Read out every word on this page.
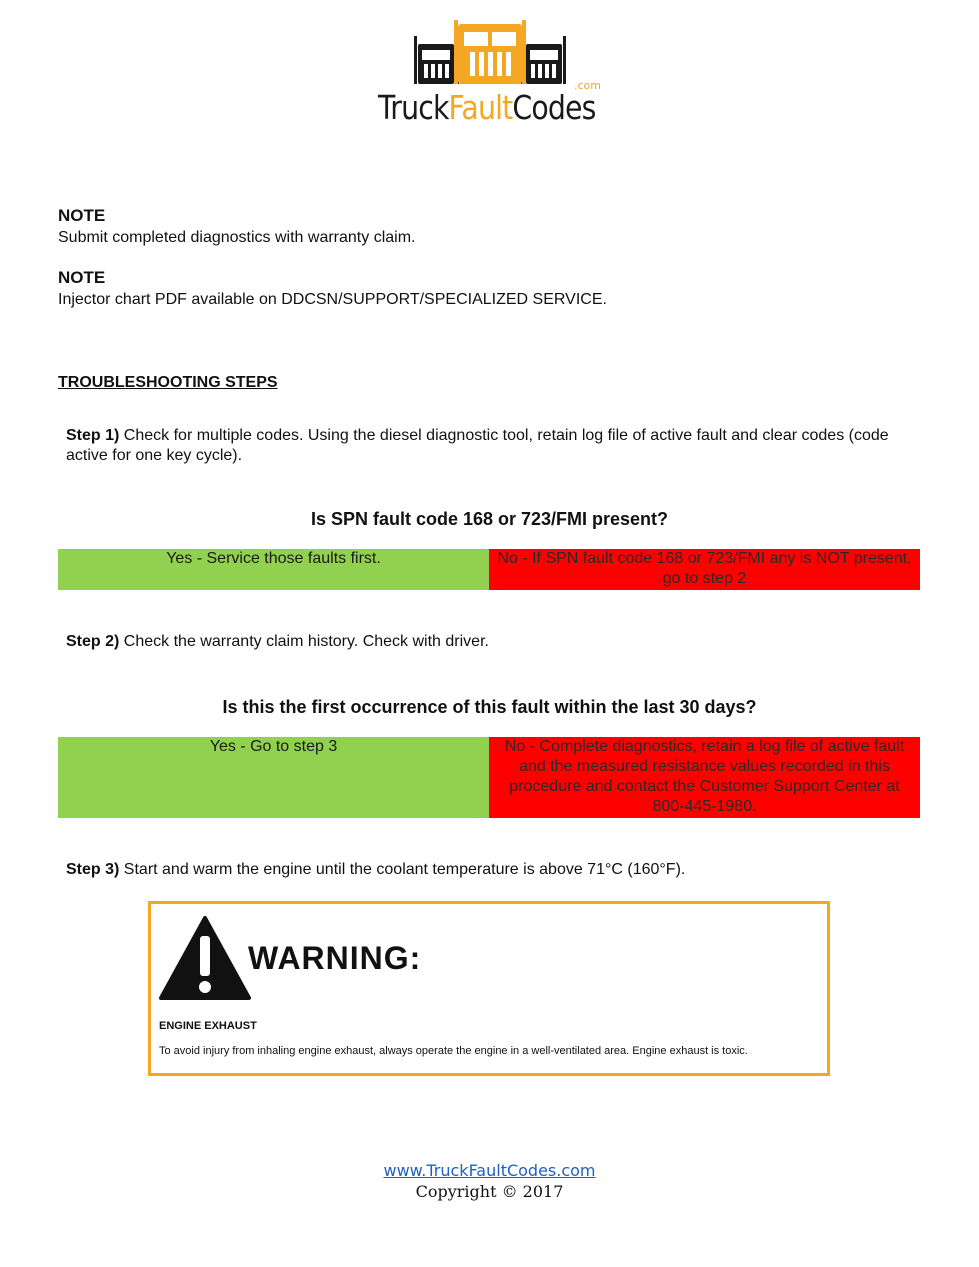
TruckFaultCodes
.com
NOTE
Submit completed diagnostics with warranty claim.
NOTE
Injector chart PDF available on DDCSN/SUPPORT/SPECIALIZED SERVICE.
TROUBLESHOOTING STEPS
Step 1) Check for multiple codes. Using the diesel diagnostic tool, retain log file of active fault and clear codes (code active for one key cycle).
Is SPN fault code 168 or 723/FMI present?
Yes - Service those faults first.	No - If SPN fault code 168 or 723/FMI any is NOT present, go to step 2
Step 2) Check the warranty claim history. Check with driver.
Is this the first occurrence of this fault within the last 30 days?
Yes - Go to step 3	No - Complete diagnostics, retain a log file of active fault and the measured resistance values recorded in this procedure and contact the Customer Support Center at 800-445-1980.
Step 3) Start and warm the engine until the coolant temperature is above 71°C (160°F).
WARNING:
ENGINE EXHAUST
To avoid injury from inhaling engine exhaust, always operate the engine in a well-ventilated area. Engine exhaust is toxic.
www.TruckFaultCodes.com
Copyright © 2017
